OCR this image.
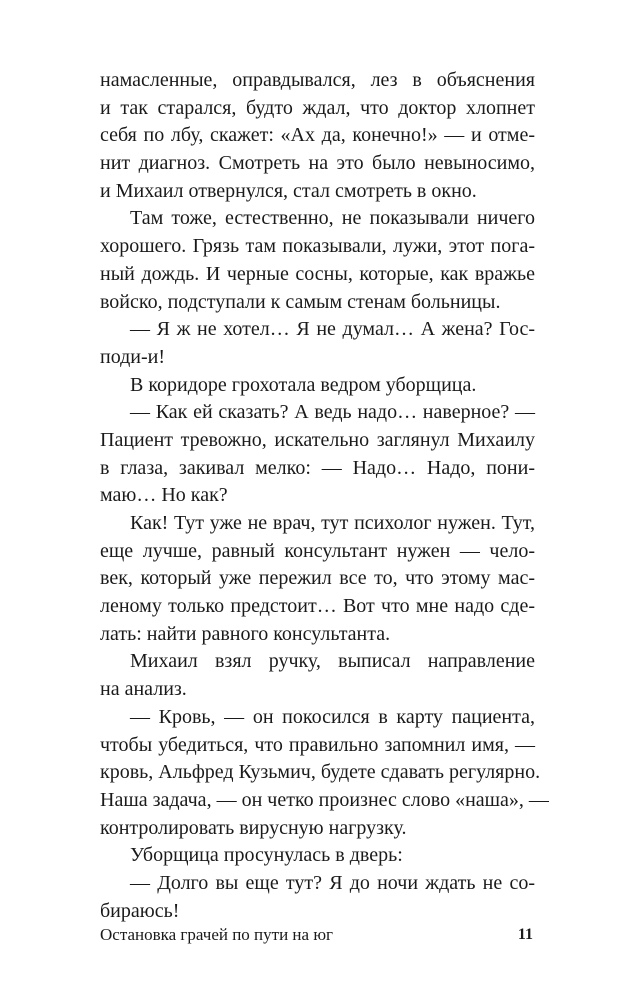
намасленные, оправдывался, лез в объяснения
и так старался, будто ждал, что доктор хлопнет
себя по лбу, скажет: «Ах да, конечно!» — и отме-
нит диагноз. Смотреть на это было невыносимо,
и Михаил отвернулся, стал смотреть в окно.
Там тоже, естественно, не показывали ничего
хорошего. Грязь там показывали, лужи, этот пога-
ный дождь. И черные сосны, которые, как вражье
войско, подступали к самым стенам больницы.
— Я ж не хотел… Я не думал… А жена? Гос-
поди-и!
В коридоре грохотала ведром уборщица.
— Как ей сказать? А ведь надо… наверное? —
Пациент тревожно, искательно заглянул Михаилу
в глаза, закивал мелко: — Надо… Надо, пони-
маю… Но как?
Как! Тут уже не врач, тут психолог нужен. Тут,
еще лучше, равный консультант нужен — чело-
век, который уже пережил все то, что этому мас-
леному только предстоит… Вот что мне надо сде-
лать: найти равного консультанта.
Михаил взял ручку, выписал направление
на анализ.
— Кровь, — он покосился в карту пациента,
чтобы убедиться, что правильно запомнил имя, —
кровь, Альфред Кузьмич, будете сдавать регулярно.
Наша задача, — он четко произнес слово «наша», —
контролировать вирусную нагрузку.
Уборщица просунулась в дверь:
— Долго вы еще тут? Я до ночи ждать не со-
бираюсь!
Остановка грачей по пути на юг	11
